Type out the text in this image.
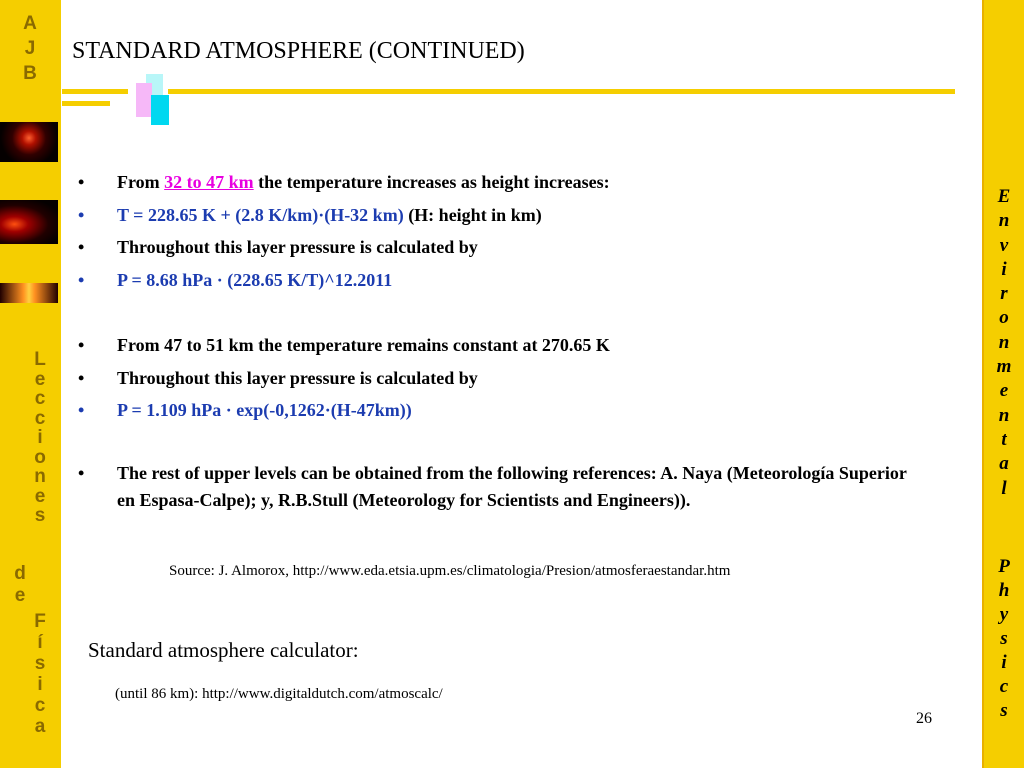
A
J
B
L
e
c
c
i
o
n
e
s
d
e
F
í
s
i
c
a
E
n
v
i
r
o
n
m
e
n
t
a
l
P
h
y
s
i
c
s
STANDARD ATMOSPHERE (CONTINUED)
• From 32 to 47 km the temperature increases as height increases:
• T = 228.65 K + (2.8 K/km)·(H-32 km) (H: height in km)
• Throughout this layer pressure is calculated by
• P = 8.68 hPa · (228.65 K/T)^12.2011
• From 47 to 51 km the temperature remains constant at 270.65 K
• Throughout this layer pressure is calculated by
• P = 1.109 hPa · exp(-0,1262·(H-47km))
• The rest of upper levels can be obtained from the following references: A. Naya (Meteorología Superior en Espasa-Calpe); y, R.B.Stull (Meteorology for Scientists and Engineers)).
Source: J. Almorox, http://www.eda.etsia.upm.es/climatologia/Presion/atmosferaestandar.htm
Standard atmosphere calculator:
(until 86 km): http://www.digitaldutch.com/atmoscalc/
26
